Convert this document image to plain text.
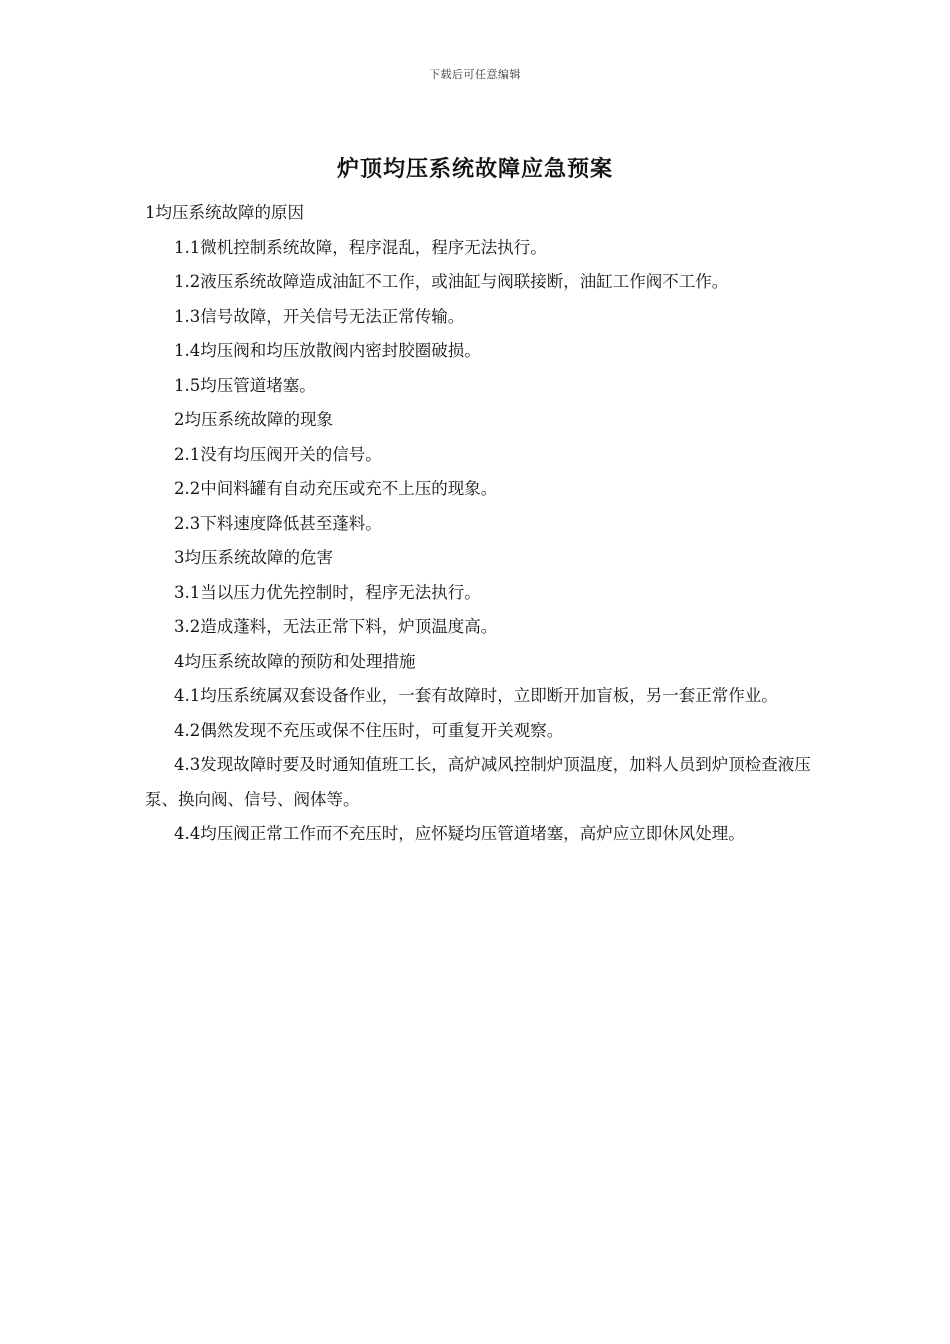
下载后可任意编辑
炉顶均压系统故障应急预案

1均压系统故障的原因

1.1微机控制系统故障，程序混乱，程序无法执行。

1.2液压系统故障造成油缸不工作，或油缸与阀联接断，油缸工作阀不工作。

1.3信号故障，开关信号无法正常传输。

1.4均压阀和均压放散阀内密封胶圈破损。

1.5均压管道堵塞。

2均压系统故障的现象

2.1没有均压阀开关的信号。

2.2中间料罐有自动充压或充不上压的现象。

2.3下料速度降低甚至蓬料。

3均压系统故障的危害

3.1当以压力优先控制时，程序无法执行。

3.2造成蓬料，无法正常下料，炉顶温度高。

4均压系统故障的预防和处理措施

4.1均压系统属双套设备作业，一套有故障时，立即断开加盲板，另一套正常作业。

4.2偶然发现不充压或保不住压时，可重复开关观察。

4.3发现故障时要及时通知值班工长，高炉减风控制炉顶温度，加料人员到炉顶检查液压泵、换向阀、信号、阀体等。

4.4均压阀正常工作而不充压时，应怀疑均压管道堵塞，高炉应立即休风处理。
